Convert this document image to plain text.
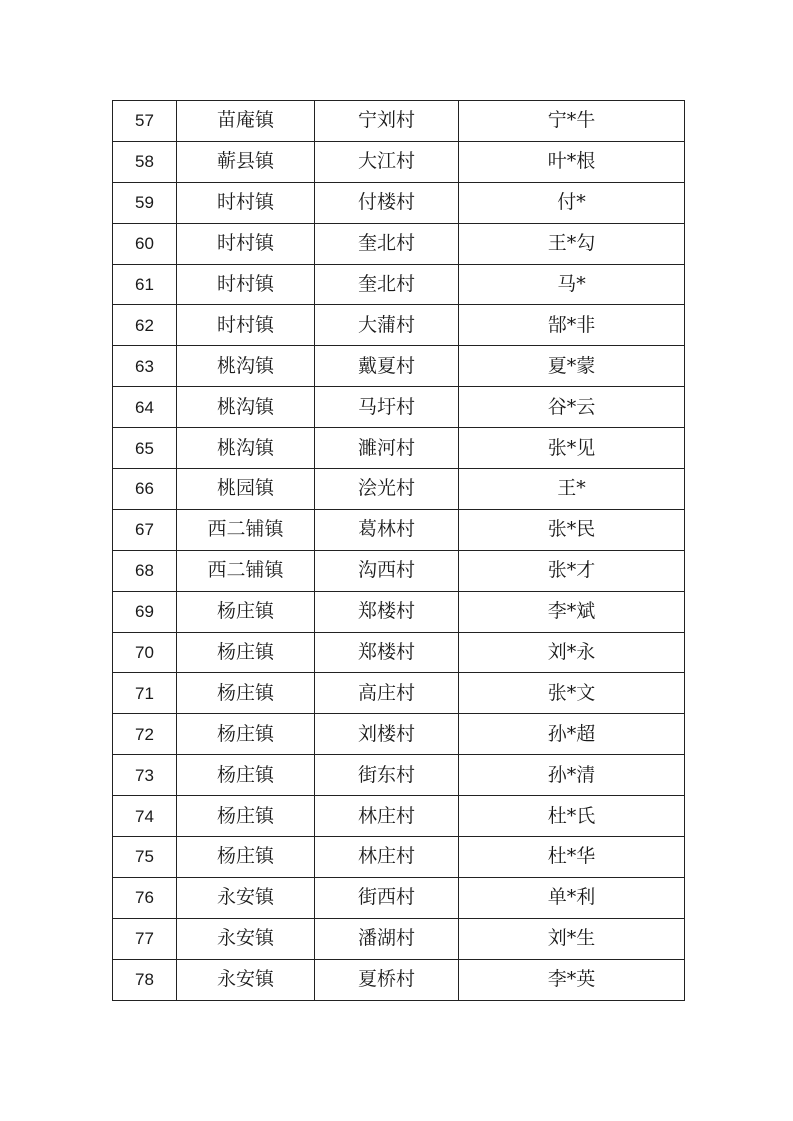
57	苗庵镇	宁刘村	宁*牛
58	蕲县镇	大江村	叶*根
59	时村镇	付楼村	付*
60	时村镇	奎北村	王*勾
61	时村镇	奎北村	马*
62	时村镇	大蒲村	郜*非
63	桃沟镇	戴夏村	夏*蒙
64	桃沟镇	马圩村	谷*云
65	桃沟镇	濉河村	张*见
66	桃园镇	浍光村	王*
67	西二铺镇	葛林村	张*民
68	西二铺镇	沟西村	张*才
69	杨庄镇	郑楼村	李*斌
70	杨庄镇	郑楼村	刘*永
71	杨庄镇	高庄村	张*文
72	杨庄镇	刘楼村	孙*超
73	杨庄镇	街东村	孙*清
74	杨庄镇	林庄村	杜*氏
75	杨庄镇	林庄村	杜*华
76	永安镇	街西村	单*利
77	永安镇	潘湖村	刘*生
78	永安镇	夏桥村	李*英
